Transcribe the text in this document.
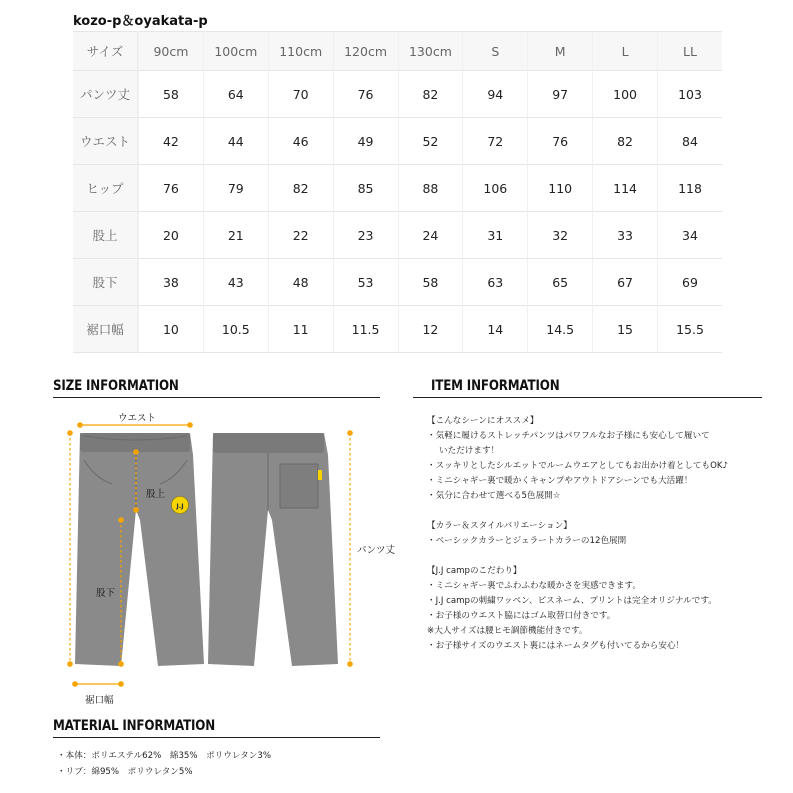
kozo-p＆oyakata-p
サイズ	90cm	100cm	110cm	120cm	130cm	S	M	L	LL
パンツ丈	58	64	70	76	82	94	97	100	103
ウエスト	42	44	46	49	52	72	76	82	84
ヒップ	76	79	82	85	88	106	110	114	118
股上	20	21	22	23	24	31	32	33	34
股下	38	43	48	53	58	63	65	67	69
裾口幅	10	10.5	11	11.5	12	14	14.5	15	15.5
SIZE INFORMATION
J.J
ウエスト
股上
股下
裾口幅
パンツ丈
ITEM INFORMATION
【こんなシーンにオススメ】
・気軽に履けるストレッチパンツはパワフルなお子様にも安心して履いて
いただけます！
・スッキリとしたシルエットでルームウエアとしてもお出かけ着としてもOK♪
・ミニシャギー裏で暖かくキャンプやアウトドアシーンでも大活躍！
・気分に合わせて選べる5色展開☆
【カラー＆スタイルバリエーション】
・ベーシックカラーとジェラートカラーの12色展開
【J.J campのこだわり】
・ミニシャギー裏でふわふわな暖かさを実感できます。
・J.J campの刺繍ワッペン、ピスネーム、プリントは完全オリジナルです。
・お子様のウエスト脇にはゴム取替口付きです。
※大人サイズは腰ヒモ調節機能付きです。
・お子様サイズのウエスト裏にはネームタグも付いてるから安心！
MATERIAL INFORMATION
・本体：ポリエステル62%　綿35%　ポリウレタン3%
・リブ：綿95%　ポリウレタン5%
